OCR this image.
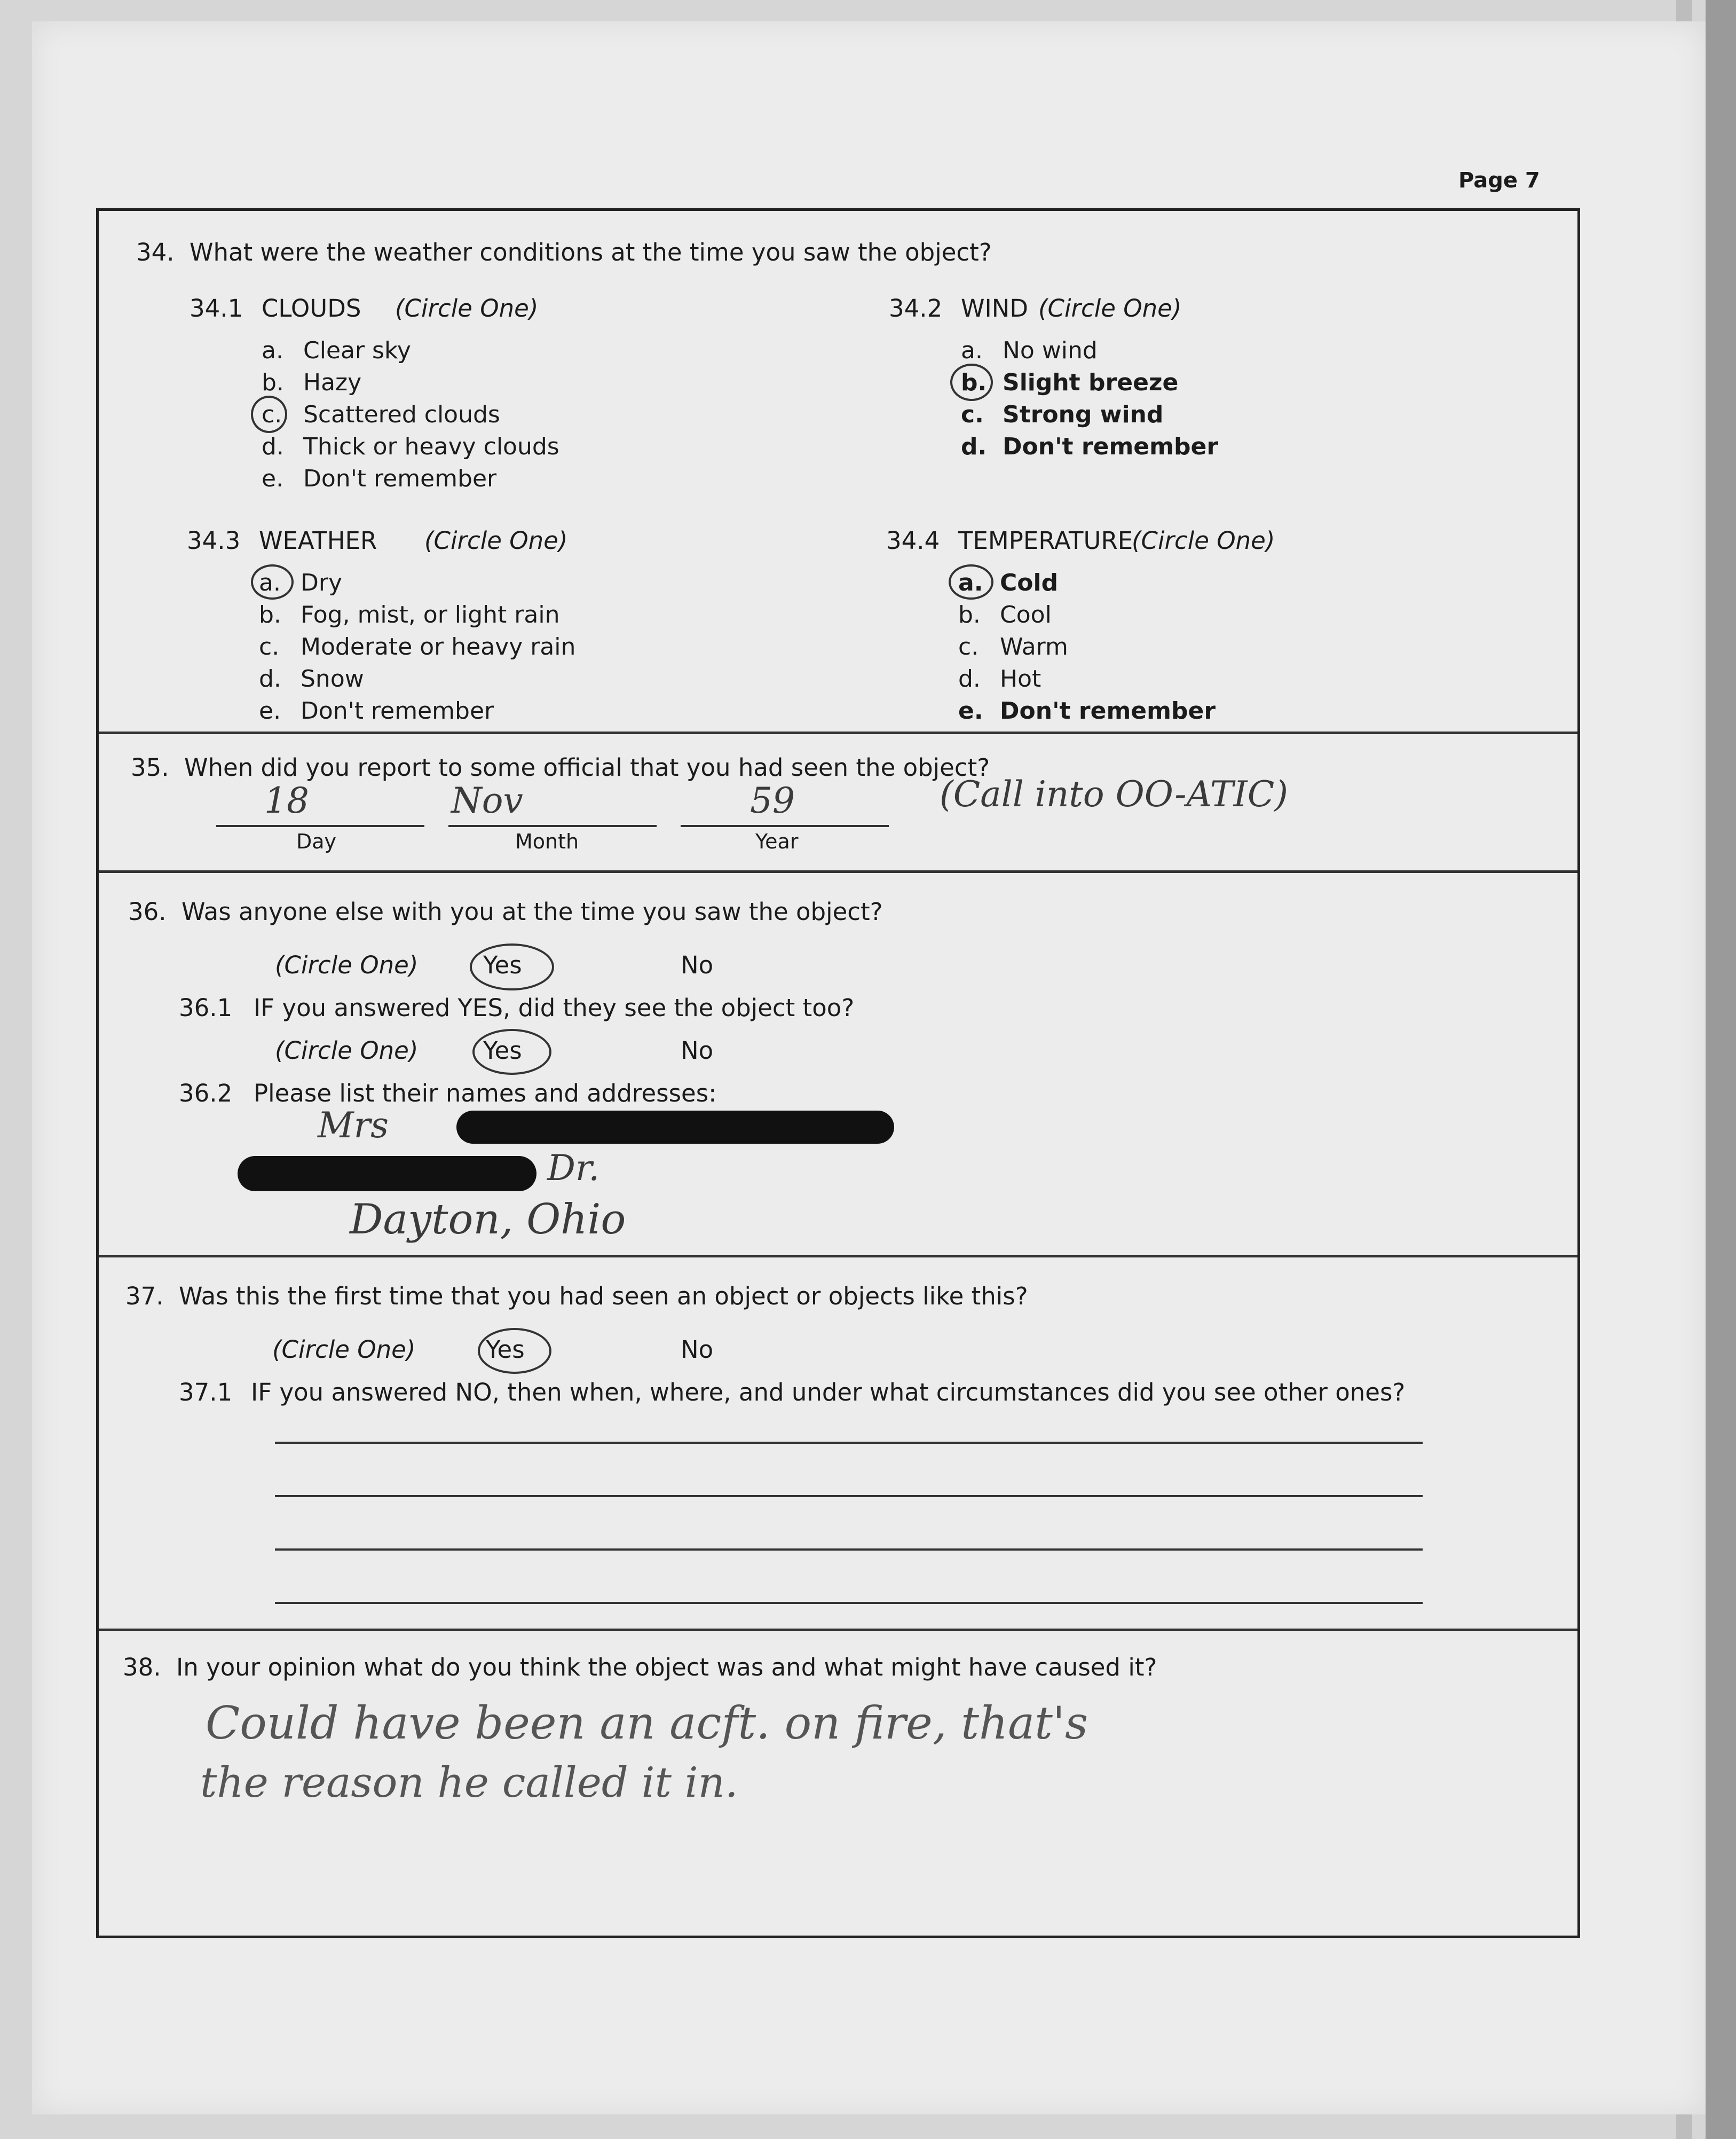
Page 7
34. What were the weather conditions at the time you saw the object?
34.1 CLOUDS (Circle One)
a. Clear sky
b. Hazy
c. Scattered clouds
d. Thick or heavy clouds
e. Don't remember
34.2 WIND (Circle One)
a. No wind
b. Slight breeze
c. Strong wind
d. Don't remember
34.3 WEATHER (Circle One)
a. Dry
b. Fog, mist, or light rain
c. Moderate or heavy rain
d. Snow
e. Don't remember
34.4 TEMPERATURE
(Circle One)
a. Cold
b. Cool
c. Warm
d. Hot
e. Don't remember
35. When did you report to some official that you had seen the object?
18
Day
Nov
Month
59
Year
(Call into OO-ATIC)
36. Was anyone else with you at the time you saw the object?
(Circle One)	Yes	No
36.1 IF you answered YES, did they see the object too?
(Circle One)	Yes	No
36.2 Please list their names and addresses:
Mrs
Dr.
Dayton, Ohio
37. Was this the first time that you had seen an object or objects like this?
(Circle One)	Yes	No
37.1 IF you answered NO, then when, where, and under what circumstances did you see other ones?
38. In your opinion what do you think the object was and what might have caused it?
Could have been an acft. on fire, that's
the reason he called it in.
